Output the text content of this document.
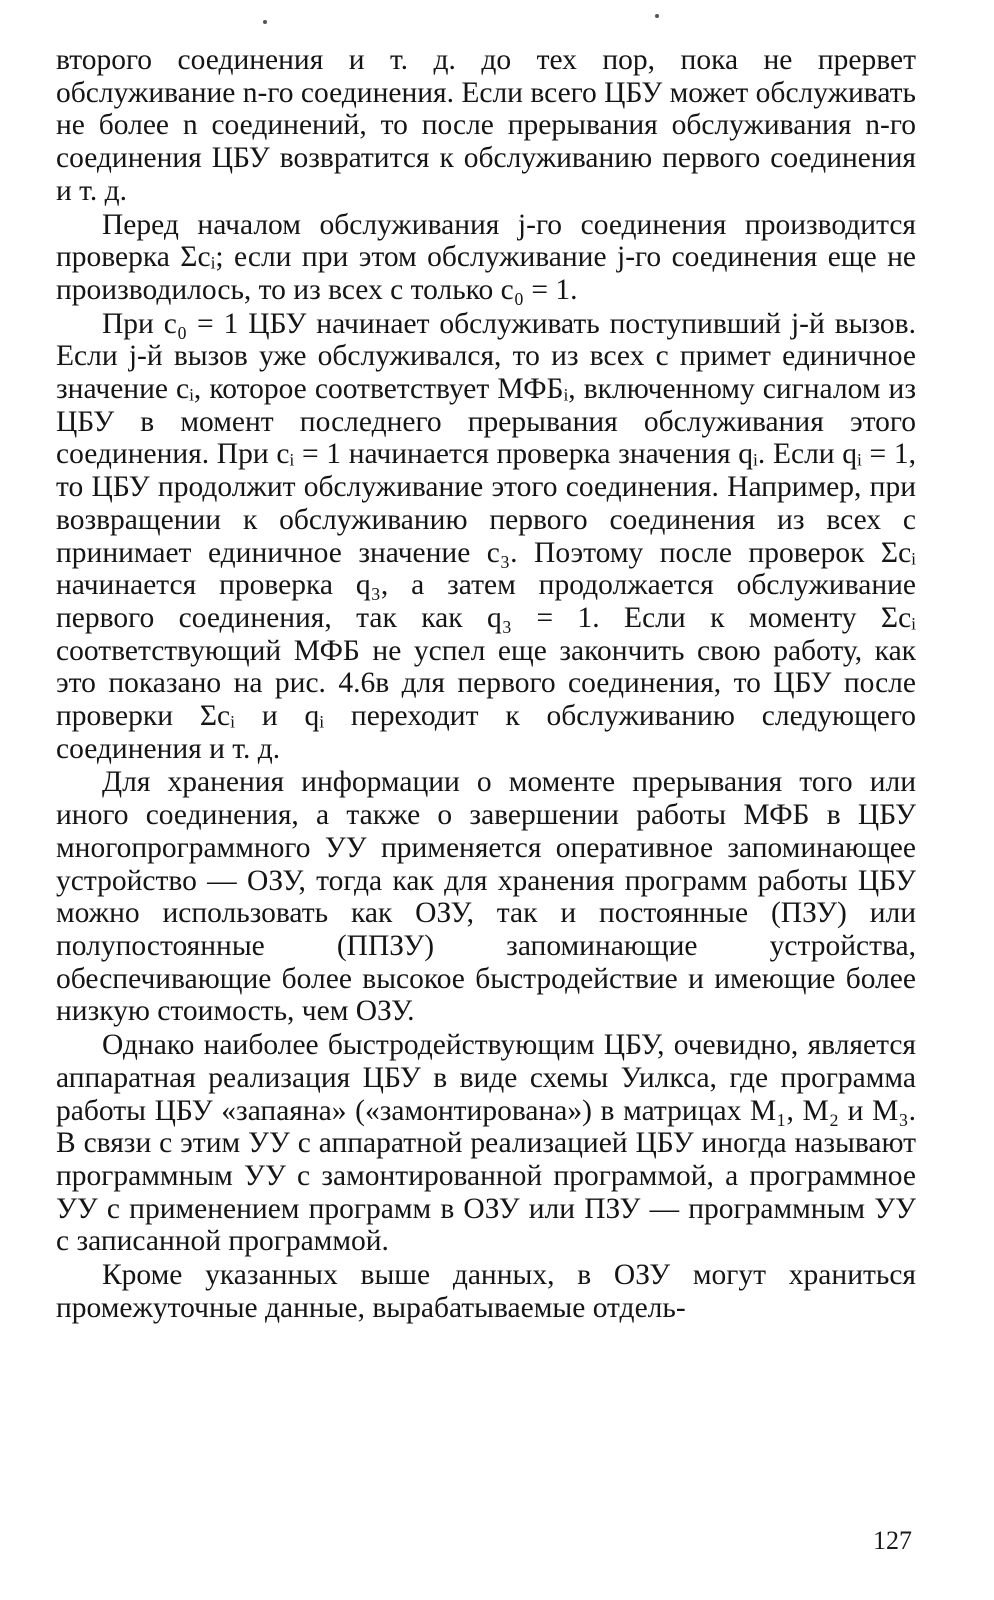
второго соединения и т. д. до тех пор, пока не прервет обслуживание n-го соединения. Если всего ЦБУ может обслуживать не более n соединений, то после прерывания обслуживания n-го соединения ЦБУ возвратится к обслуживанию первого соединения и т. д.

Перед началом обслуживания j-го соединения производится проверка Σcᵢ; если при этом обслуживание j-го соединения еще не производилось, то из всех c только c₀ = 1.

При c₀ = 1 ЦБУ начинает обслуживать поступивший j-й вызов. Если j-й вызов уже обслуживался, то из всех c примет единичное значение cᵢ, которое соответствует МФБᵢ, включенному сигналом из ЦБУ в момент последнего прерывания обслуживания этого соединения. При cᵢ = 1 начинается проверка значения qᵢ. Если qᵢ = 1, то ЦБУ продолжит обслуживание этого соединения. Например, при возвращении к обслуживанию первого соединения из всех c принимает единичное значение c₃. Поэтому после проверок Σcᵢ начинается проверка q₃, а затем продолжается обслуживание первого соединения, так как q₃ = 1. Если к моменту Σcᵢ соответствующий МФБ не успел еще закончить свою работу, как это показано на рис. 4.6в для первого соединения, то ЦБУ после проверки Σcᵢ и qᵢ переходит к обслуживанию следующего соединения и т. д.

Для хранения информации о моменте прерывания того или иного соединения, а также о завершении работы МФБ в ЦБУ многопрограммного УУ применяется оперативное запоминающее устройство — ОЗУ, тогда как для хранения программ работы ЦБУ можно использовать как ОЗУ, так и постоянные (ПЗУ) или полупостоянные (ППЗУ) запоминающие устройства, обеспечивающие более высокое быстродействие и имеющие более низкую стоимость, чем ОЗУ.

Однако наиболее быстродействующим ЦБУ, очевидно, является аппаратная реализация ЦБУ в виде схемы Уилкса, где программа работы ЦБУ «запаяна» («замонтирована») в матрицах M₁, M₂ и M₃. В связи с этим УУ с аппаратной реализацией ЦБУ иногда называют программным УУ с замонтированной программой, а программное УУ с применением программ в ОЗУ или ПЗУ — программным УУ с записанной программой.

Кроме указанных выше данных, в ОЗУ могут храниться промежуточные данные, вырабатываемые отдель-

127
